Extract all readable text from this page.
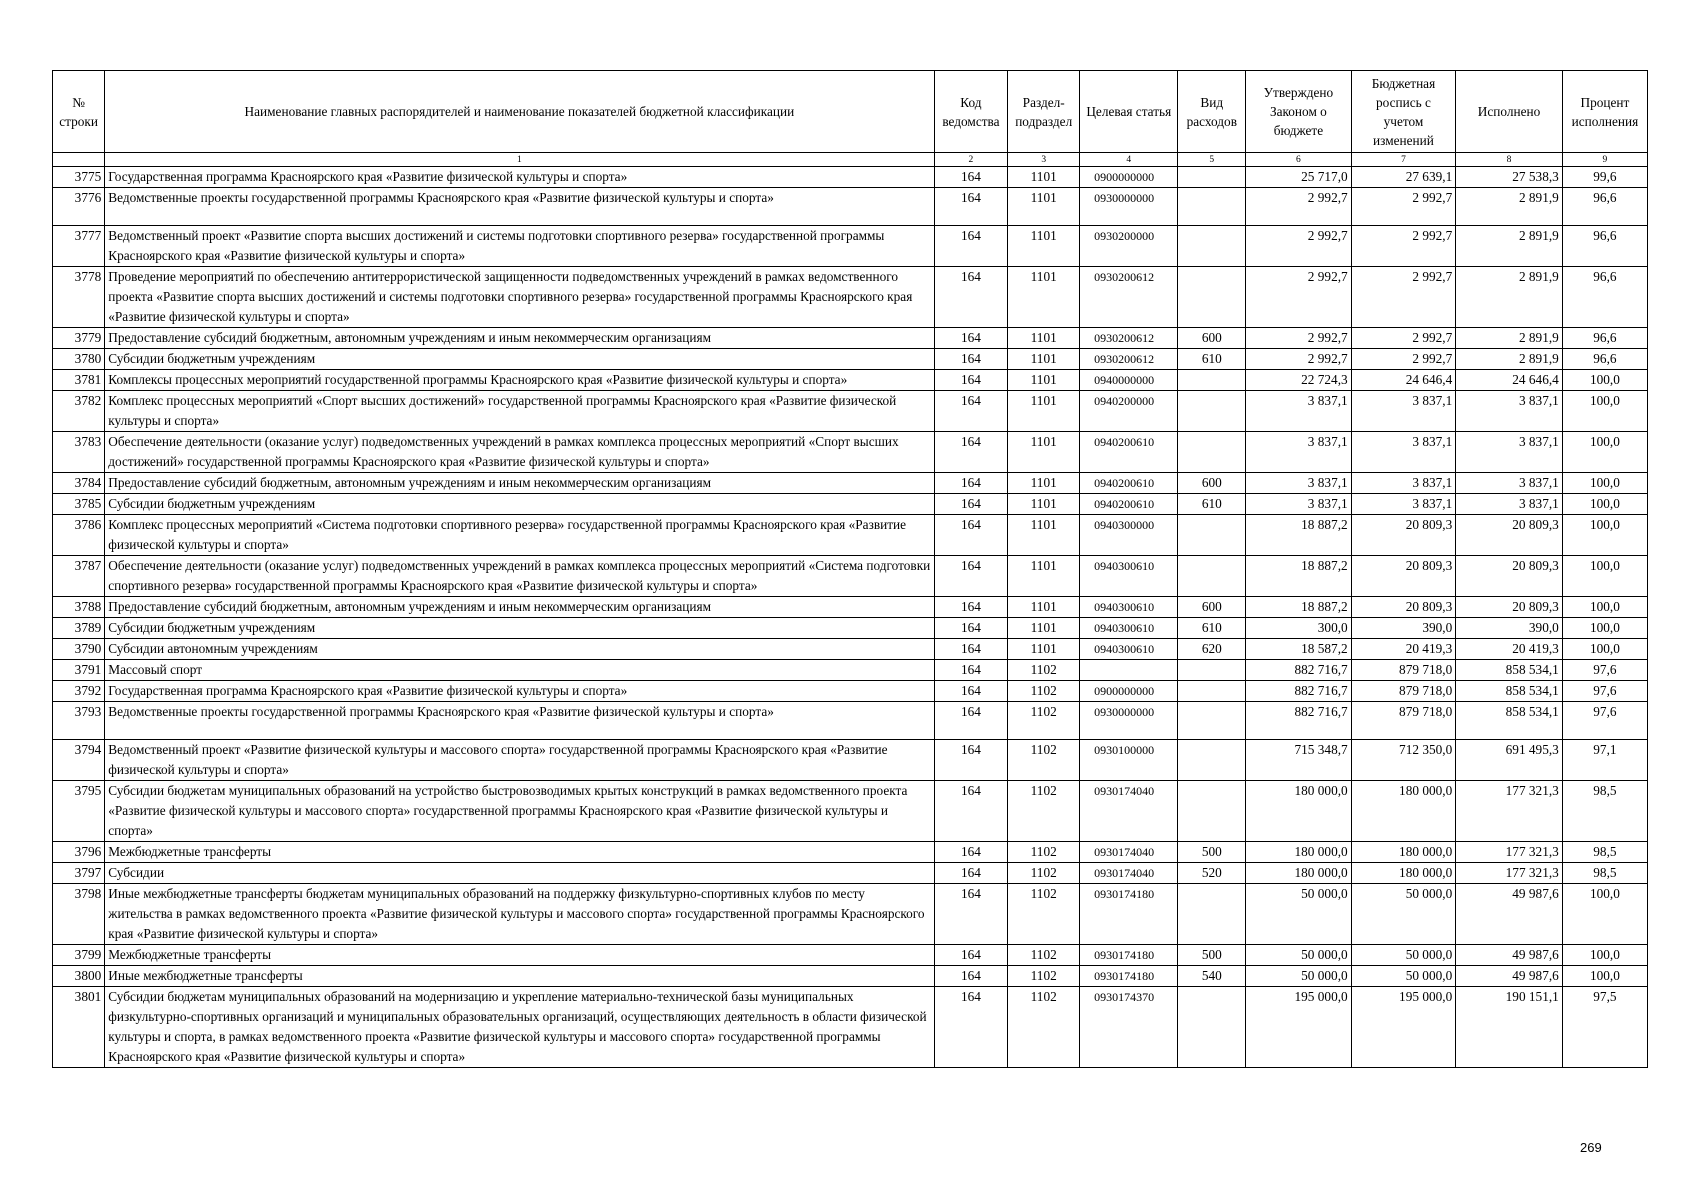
№ строки	Наименование главных распорядителей и наименование показателей бюджетной классификации	Код ведомства	Раздел-подраздел	Целевая статья	Вид расходов	Утверждено Законом о бюджете	Бюджетная роспись с учетом изменений	Исполнено	Процент исполнения
	1	2	3	4	5	6	7	8	9
3775	Государственная программа Красноярского края «Развитие физической культуры и спорта»	164	1101	0900000000		25 717,0	27 639,1	27 538,3	99,6
3776	Ведомственные проекты государственной программы Красноярского края «Развитие физической культуры и спорта»	164	1101	0930000000		2 992,7	2 992,7	2 891,9	96,6
3777	Ведомственный проект «Развитие спорта высших достижений и системы подготовки спортивного резерва» государственной программы Красноярского края «Развитие физической культуры и спорта»	164	1101	0930200000		2 992,7	2 992,7	2 891,9	96,6
3778	Проведение мероприятий по обеспечению антитеррористической защищенности подведомственных учреждений в рамках ведомственного проекта «Развитие спорта высших достижений и системы подготовки спортивного резерва» государственной программы Красноярского края «Развитие физической культуры и спорта»	164	1101	0930200612		2 992,7	2 992,7	2 891,9	96,6
3779	Предоставление субсидий бюджетным, автономным учреждениям и иным некоммерческим организациям	164	1101	0930200612	600	2 992,7	2 992,7	2 891,9	96,6
3780	Субсидии бюджетным учреждениям	164	1101	0930200612	610	2 992,7	2 992,7	2 891,9	96,6
3781	Комплексы процессных мероприятий государственной программы Красноярского края «Развитие физической культуры и спорта»	164	1101	0940000000		22 724,3	24 646,4	24 646,4	100,0
3782	Комплекс процессных мероприятий «Спорт высших достижений» государственной программы Красноярского края «Развитие физической культуры и спорта»	164	1101	0940200000		3 837,1	3 837,1	3 837,1	100,0
3783	Обеспечение деятельности (оказание услуг) подведомственных учреждений в рамках комплекса процессных мероприятий «Спорт высших достижений» государственной программы Красноярского края «Развитие физической культуры и спорта»	164	1101	0940200610		3 837,1	3 837,1	3 837,1	100,0
3784	Предоставление субсидий бюджетным, автономным учреждениям и иным некоммерческим организациям	164	1101	0940200610	600	3 837,1	3 837,1	3 837,1	100,0
3785	Субсидии бюджетным учреждениям	164	1101	0940200610	610	3 837,1	3 837,1	3 837,1	100,0
3786	Комплекс процессных мероприятий «Система подготовки спортивного резерва» государственной программы Красноярского края «Развитие физической культуры и спорта»	164	1101	0940300000		18 887,2	20 809,3	20 809,3	100,0
3787	Обеспечение деятельности (оказание услуг) подведомственных учреждений в рамках комплекса процессных мероприятий «Система подготовки спортивного резерва» государственной программы Красноярского края «Развитие физической культуры и спорта»	164	1101	0940300610		18 887,2	20 809,3	20 809,3	100,0
3788	Предоставление субсидий бюджетным, автономным учреждениям и иным некоммерческим организациям	164	1101	0940300610	600	18 887,2	20 809,3	20 809,3	100,0
3789	Субсидии бюджетным учреждениям	164	1101	0940300610	610	300,0	390,0	390,0	100,0
3790	Субсидии автономным учреждениям	164	1101	0940300610	620	18 587,2	20 419,3	20 419,3	100,0
3791	Массовый спорт	164	1102			882 716,7	879 718,0	858 534,1	97,6
3792	Государственная программа Красноярского края «Развитие физической культуры и спорта»	164	1102	0900000000		882 716,7	879 718,0	858 534,1	97,6
3793	Ведомственные проекты государственной программы Красноярского края «Развитие физической культуры и спорта»	164	1102	0930000000		882 716,7	879 718,0	858 534,1	97,6
3794	Ведомственный проект «Развитие физической культуры и массового спорта» государственной программы Красноярского края «Развитие физической культуры и спорта»	164	1102	0930100000		715 348,7	712 350,0	691 495,3	97,1
3795	Субсидии бюджетам муниципальных образований на устройство быстровозводимых крытых конструкций в рамках ведомственного проекта «Развитие физической культуры и массового спорта» государственной программы Красноярского края «Развитие физической культуры и спорта»	164	1102	0930174040		180 000,0	180 000,0	177 321,3	98,5
3796	Межбюджетные трансферты	164	1102	0930174040	500	180 000,0	180 000,0	177 321,3	98,5
3797	Субсидии	164	1102	0930174040	520	180 000,0	180 000,0	177 321,3	98,5
3798	Иные межбюджетные трансферты бюджетам муниципальных образований на поддержку физкультурно-спортивных клубов по месту жительства в рамках ведомственного проекта «Развитие физической культуры и массового спорта» государственной программы Красноярского края «Развитие физической культуры и спорта»	164	1102	0930174180		50 000,0	50 000,0	49 987,6	100,0
3799	Межбюджетные трансферты	164	1102	0930174180	500	50 000,0	50 000,0	49 987,6	100,0
3800	Иные межбюджетные трансферты	164	1102	0930174180	540	50 000,0	50 000,0	49 987,6	100,0
3801	Субсидии бюджетам муниципальных образований на модернизацию и укрепление материально-технической базы муниципальных физкультурно-спортивных организаций и муниципальных образовательных организаций, осуществляющих деятельность в области физической культуры и спорта, в рамках ведомственного проекта «Развитие физической культуры и массового спорта» государственной программы Красноярского края «Развитие физической культуры и спорта»	164	1102	0930174370		195 000,0	195 000,0	190 151,1	97,5
269
